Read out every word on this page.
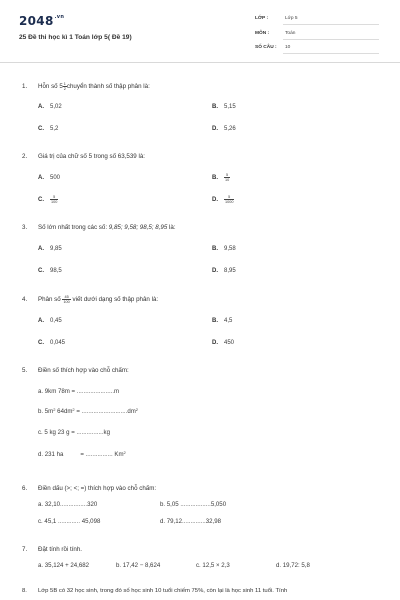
$2048^{.vn}$
25 Đề thi học kì 1 Toán lớp 5( Đề 19)
LỚP :	Lớp 5
MÔN :	Toán
SỐ CÂU : 10
1. Hỗn số $5 \frac{1}{2}$ chuyển thành số thập phân là:
A. 5,02	B. 5,15
C. 5,2	D. 5,26
2. Giá trị của chữ số 5 trong số 63,539 là:
A. 500	B. $\frac{5}{10}$
C. $\frac{5}{100}$	D. $\frac{5}{1000}$
3. Số lớn nhất trong các số: 9,85; 9,58; 98,5; 8,95 là:
A. 9,85	B. 9,58
C. 98,5	D. 8,95
4. Phân số $\frac{45}{100}$ viết dưới dạng số thập phân là:
A. 0,45	B. 4,5
C. 0,045	D. 450
5. Điền số thích hợp vào chỗ chấm:
a. 9km 78m = ......................m
b. $5m^2$ $64dm^2 = ...........................dm^2$
c. 5 kg 23 g = ................kg
d. 231 ha          = ................ Km$^2$
6. Điền dấu (>; <; =) thích hợp vào chỗ chấm:
a. 32,10................320	b. 5,05 ..................5,050
c. 45,1 ............. 45,098	d. 79,12..............32,98
7. Đặt tính rồi tính.
a. 35,124 + 24,682	b. 17,42 − 8,624	c. 12,5 × 2,3	d. 19,72: 5,8
8. Lớp 5B có 32 học sinh, trong đó số học sinh 10 tuổi chiếm 75%, còn lại là học sinh 11 tuổi. Tính
